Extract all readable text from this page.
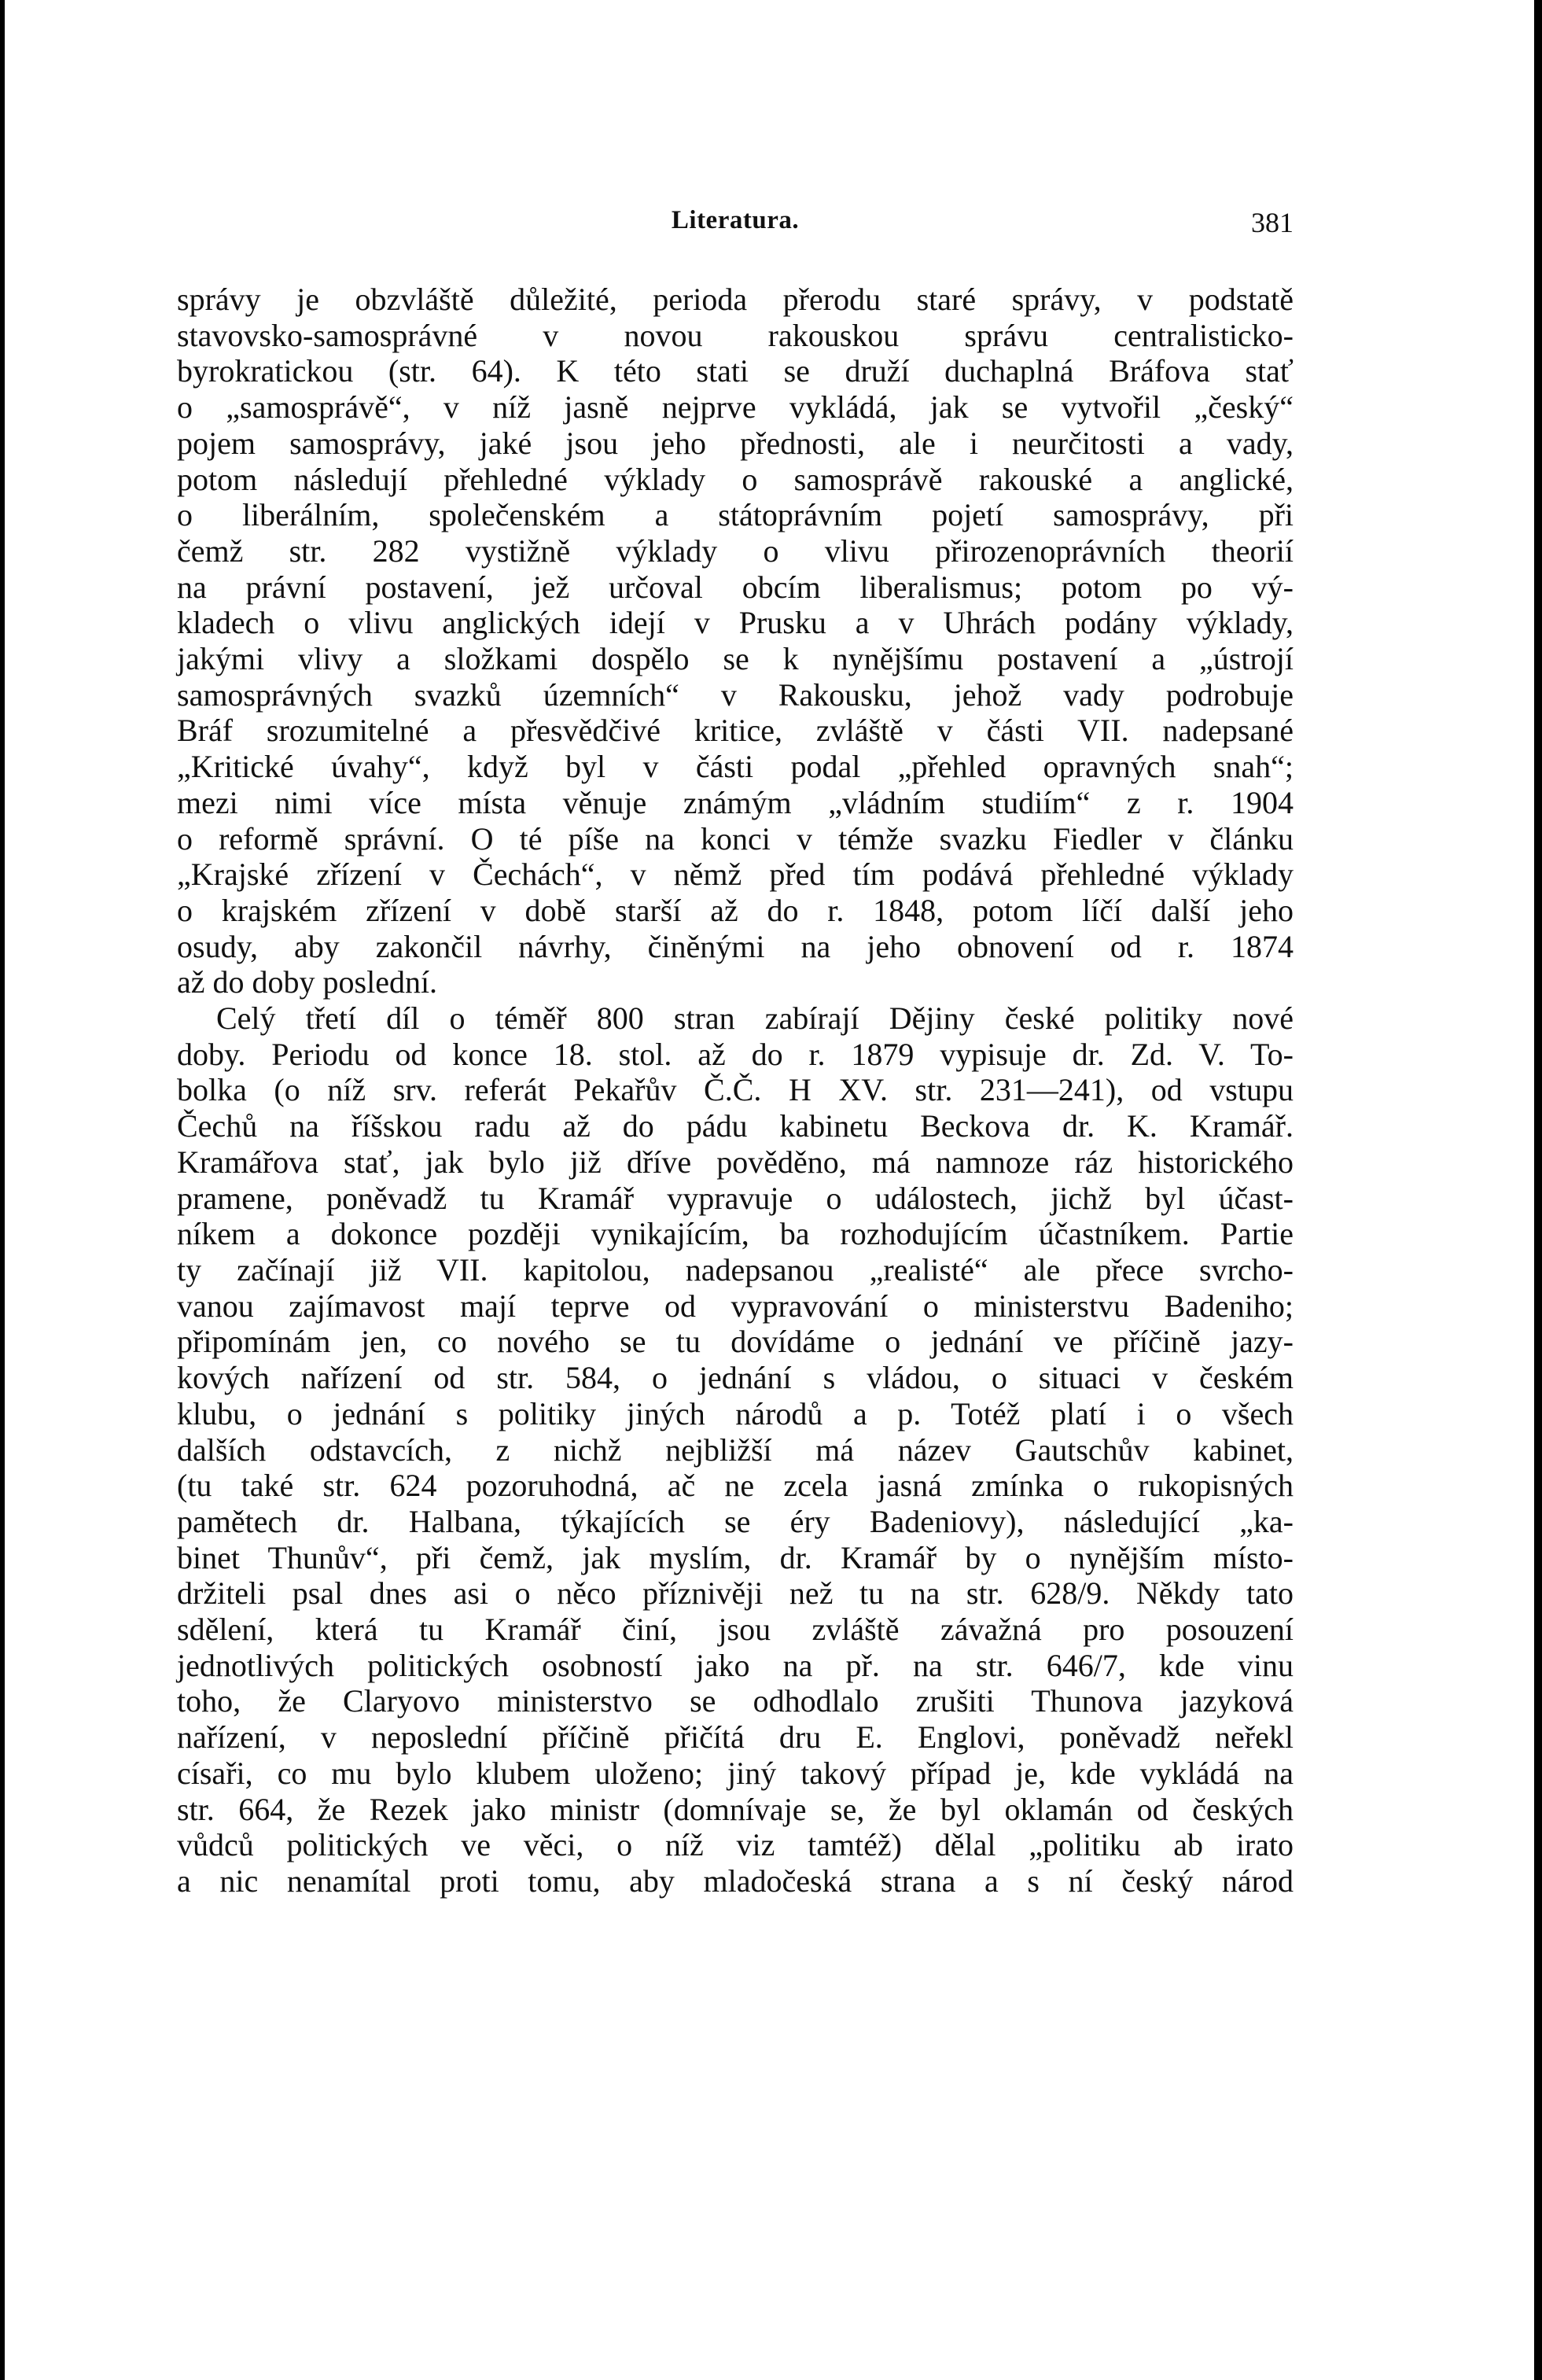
Literatura.	381
správy je obzvláště důležité, perioda přerodu staré správy, v podstatě
stavovsko-samosprávné v novou rakouskou správu centralisticko-
byrokratickou (str. 64). K této stati se druží duchaplná Bráfova stať
o „samosprávě“, v níž jasně nejprve vykládá, jak se vytvořil „český“
pojem samosprávy, jaké jsou jeho přednosti, ale i neurčitosti a vady,
potom následují přehledné výklady o samosprávě rakouské a anglické,
o liberálním, společenském a státoprávním pojetí samosprávy, při
čemž str. 282 vystižně výklady o vlivu přirozenoprávních theorií
na právní postavení, jež určoval obcím liberalismus; potom po vý-
kladech o vlivu anglických idejí v Prusku a v Uhrách podány výklady,
jakými vlivy a složkami dospělo se k nynějšímu postavení a „ústrojí
samosprávných svazků územních“ v Rakousku, jehož vady podrobuje
Bráf srozumitelné a přesvědčivé kritice, zvláště v části VII. nadepsané
„Kritické úvahy“, když byl v části podal „přehled opravných snah“;
mezi nimi více místa věnuje známým „vládním studiím“ z r. 1904
o reformě správní. O té píše na konci v témže svazku Fiedler v článku
„Krajské zřízení v Čechách“, v němž před tím podává přehledné výklady
o krajském zřízení v době starší až do r. 1848, potom líčí další jeho
osudy, aby zakončil návrhy, činěnými na jeho obnovení od r. 1874
až do doby poslední.
Celý třetí díl o téměř 800 stran zabírají Dějiny české politiky nové
doby. Periodu od konce 18. stol. až do r. 1879 vypisuje dr. Zd. V. To-
bolka (o níž srv. referát Pekařův Č.Č. H XV. str. 231—241), od vstupu
Čechů na říšskou radu až do pádu kabinetu Beckova dr. K. Kramář.
Kramářova stať, jak bylo již dříve pověděno, má namnoze ráz historického
pramene, poněvadž tu Kramář vypravuje o událostech, jichž byl účast-
níkem a dokonce později vynikajícím, ba rozhodujícím účastníkem. Partie
ty začínají již VII. kapitolou, nadepsanou „realisté“ ale přece svrcho-
vanou zajímavost mají teprve od vypravování o ministerstvu Badeniho;
připomínám jen, co nového se tu dovídáme o jednání ve příčině jazy-
kových nařízení od str. 584, o jednání s vládou, o situaci v českém
klubu, o jednání s politiky jiných národů a p. Totéž platí i o všech
dalších odstavcích, z nichž nejbližší má název Gautschův kabinet,
(tu také str. 624 pozoruhodná, ač ne zcela jasná zmínka o rukopisných
pamětech dr. Halbana, týkajících se éry Badeniovy), následující „ka-
binet Thunův“, při čemž, jak myslím, dr. Kramář by o nynějším místo-
držiteli psal dnes asi o něco příznivěji než tu na str. 628/9. Někdy tato
sdělení, která tu Kramář činí, jsou zvláště závažná pro posouzení
jednotlivých politických osobností jako na př. na str. 646/7, kde vinu
toho, že Claryovo ministerstvo se odhodlalo zrušiti Thunova jazyková
nařízení, v neposlední příčině přičítá dru E. Englovi, poněvadž neřekl
císaři, co mu bylo klubem uloženo; jiný takový případ je, kde vykládá na
str. 664, že Rezek jako ministr (domnívaje se, že byl oklamán od českých
vůdců politických ve věci, o níž viz tamtéž) dělal „politiku ab irato
a nic nenamítal proti tomu, aby mladočeská strana a s ní český národ
